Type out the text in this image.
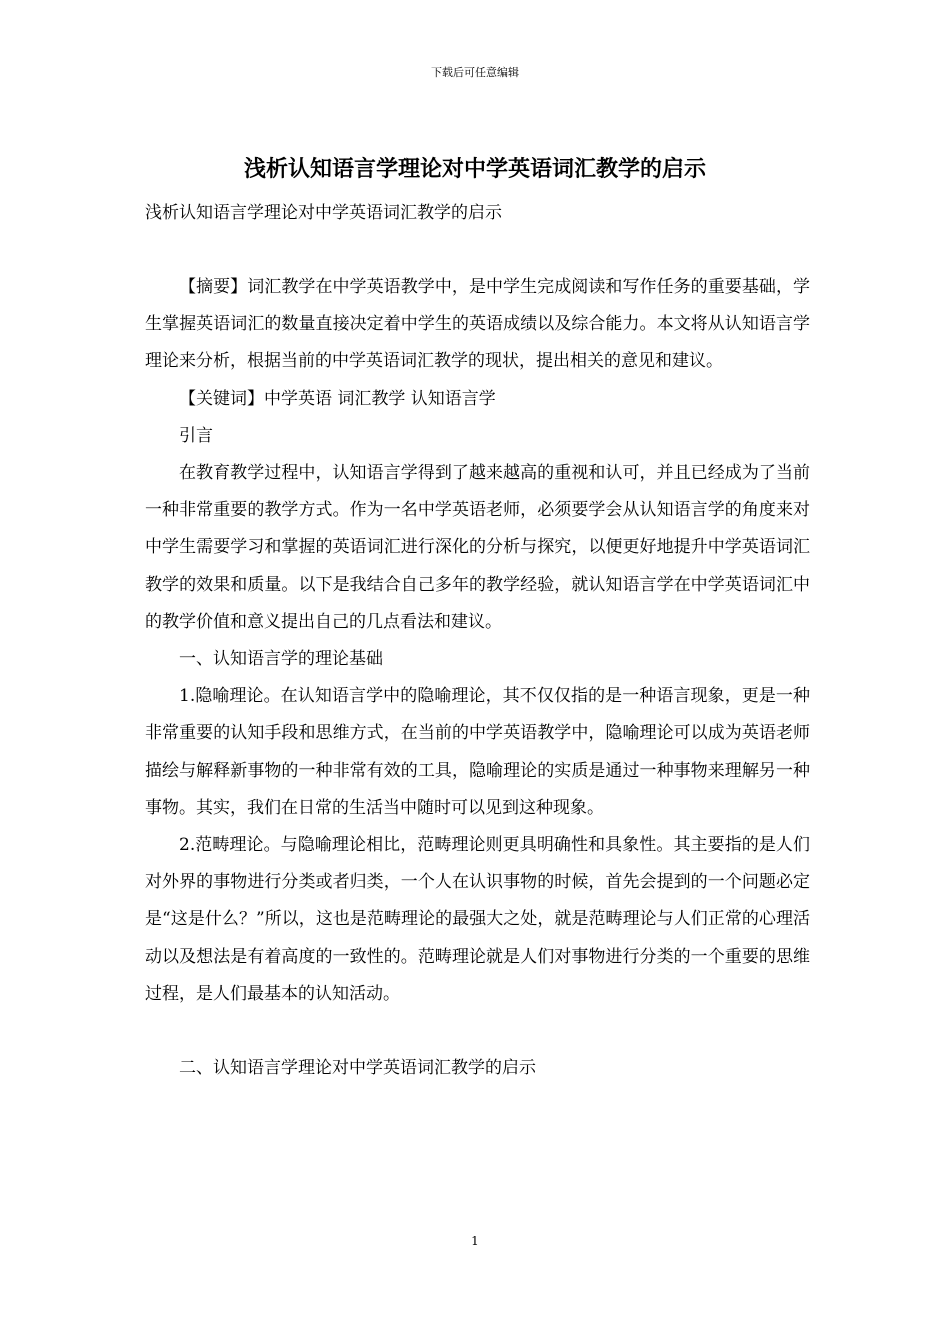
下载后可任意编辑
浅析认知语言学理论对中学英语词汇教学的启示

浅析认知语言学理论对中学英语词汇教学的启示

【摘要】词汇教学在中学英语教学中，是中学生完成阅读和写作任务的重要基础，学生掌握英语词汇的数量直接决定着中学生的英语成绩以及综合能力。本文将从认知语言学理论来分析，根据当前的中学英语词汇教学的现状，提出相关的意见和建议。

【关键词】中学英语 词汇教学 认知语言学

引言

在教育教学过程中，认知语言学得到了越来越高的重视和认可，并且已经成为了当前一种非常重要的教学方式。作为一名中学英语老师，必须要学会从认知语言学的角度来对中学生需要学习和掌握的英语词汇进行深化的分析与探究，以便更好地提升中学英语词汇教学的效果和质量。以下是我结合自己多年的教学经验，就认知语言学在中学英语词汇中的教学价值和意义提出自己的几点看法和建议。

一、认知语言学的理论基础

1.隐喻理论。在认知语言学中的隐喻理论，其不仅仅指的是一种语言现象，更是一种非常重要的认知手段和思维方式，在当前的中学英语教学中，隐喻理论可以成为英语老师描绘与解释新事物的一种非常有效的工具，隐喻理论的实质是通过一种事物来理解另一种事物。其实，我们在日常的生活当中随时可以见到这种现象。

2.范畴理论。与隐喻理论相比，范畴理论则更具明确性和具象性。其主要指的是人们对外界的事物进行分类或者归类，一个人在认识事物的时候，首先会提到的一个问题必定是“这是什么？”所以，这也是范畴理论的最强大之处，就是范畴理论与人们正常的心理活动以及想法是有着高度的一致性的。范畴理论就是人们对事物进行分类的一个重要的思维过程，是人们最基本的认知活动。

二、认知语言学理论对中学英语词汇教学的启示

1
